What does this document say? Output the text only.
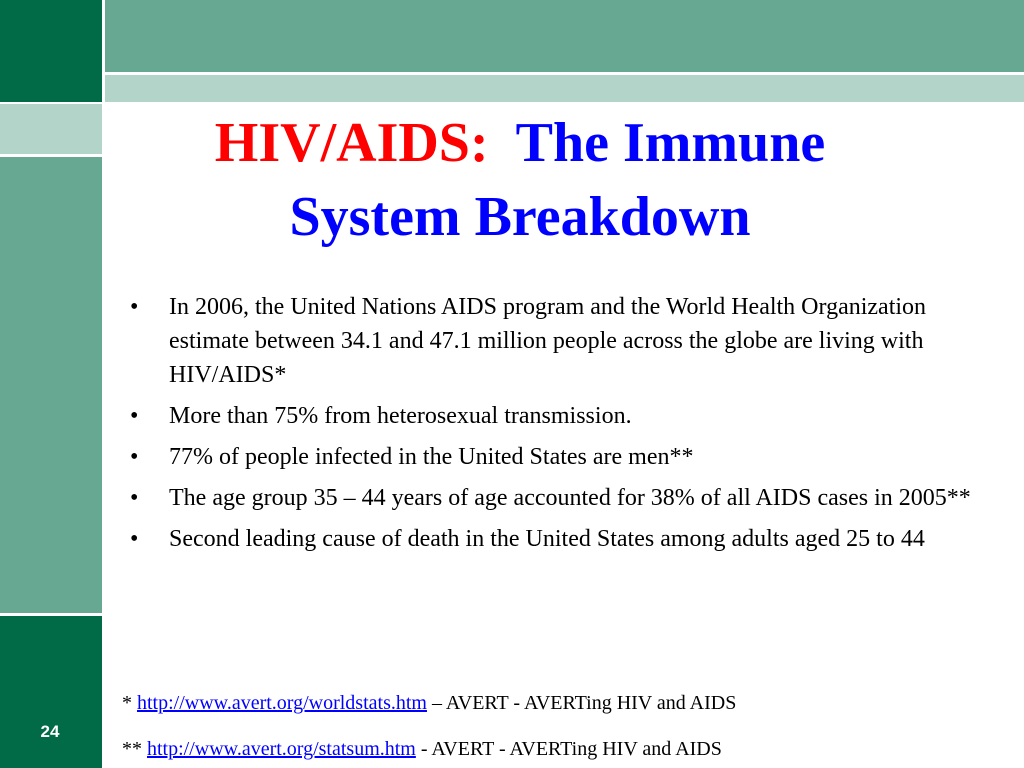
HIV/AIDS: The Immune
System Breakdown
• In 2006, the United Nations AIDS program and the World Health Organization estimate between 34.1 and 47.1 million people across the globe are living with HIV/AIDS*
• More than 75% from heterosexual transmission.
• 77% of people infected in the United States are men**
• The age group 35 – 44 years of age accounted for 38% of all AIDS cases in 2005**
• Second leading cause of death in the United States among adults aged 25 to 44
* http://www.avert.org/worldstats.htm – AVERT - AVERTing HIV and AIDS
** http://www.avert.org/statsum.htm - AVERT - AVERTing HIV and AIDS
24
